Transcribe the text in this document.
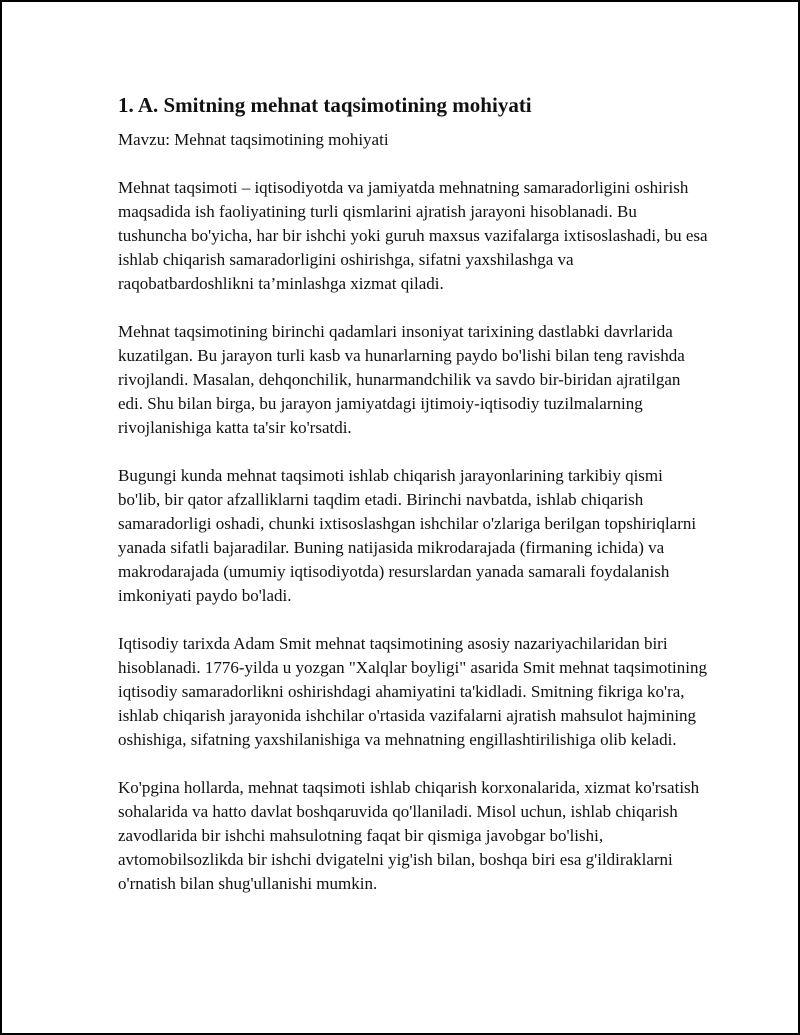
1. A. Smitning mehnat taqsimotining mohiyati

Mavzu: Mehnat taqsimotining mohiyati

Mehnat taqsimoti – iqtisodiyotda va jamiyatda mehnatning samaradorligini oshirish maqsadida ish faoliyatining turli qismlarini ajratish jarayoni hisoblanadi. Bu tushuncha bo'yicha, har bir ishchi yoki guruh maxsus vazifalarga ixtisoslashadi, bu esa ishlab chiqarish samaradorligini oshirishga, sifatni yaxshilashga va raqobatbardoshlikni ta’minlashga xizmat qiladi.

Mehnat taqsimotining birinchi qadamlari insoniyat tarixining dastlabki davrlarida kuzatilgan. Bu jarayon turli kasb va hunarlarning paydo bo'lishi bilan teng ravishda rivojlandi. Masalan, dehqonchilik, hunarmandchilik va savdo bir-biridan ajratilgan edi. Shu bilan birga, bu jarayon jamiyatdagi ijtimoiy-iqtisodiy tuzilmalarning rivojlanishiga katta ta'sir ko'rsatdi.

Bugungi kunda mehnat taqsimoti ishlab chiqarish jarayonlarining tarkibiy qismi bo'lib, bir qator afzalliklarni taqdim etadi. Birinchi navbatda, ishlab chiqarish samaradorligi oshadi, chunki ixtisoslashgan ishchilar o'zlariga berilgan topshiriqlarni yanada sifatli bajaradilar. Buning natijasida mikrodarajada (firmaning ichida) va makrodarajada (umumiy iqtisodiyotda) resurslardan yanada samarali foydalanish imkoniyati paydo bo'ladi.

Iqtisodiy tarixda Adam Smit mehnat taqsimotining asosiy nazariyachilaridan biri hisoblanadi. 1776-yilda u yozgan "Xalqlar boyligi" asarida Smit mehnat taqsimotining iqtisodiy samaradorlikni oshirishdagi ahamiyatini ta'kidladi. Smitning fikriga ko'ra, ishlab chiqarish jarayonida ishchilar o'rtasida vazifalarni ajratish mahsulot hajmining oshishiga, sifatning yaxshilanishiga va mehnatning engillashtirilishiga olib keladi.

Ko'pgina hollarda, mehnat taqsimoti ishlab chiqarish korxonalarida, xizmat ko'rsatish sohalarida va hatto davlat boshqaruvida qo'llaniladi. Misol uchun, ishlab chiqarish zavodlarida bir ishchi mahsulotning faqat bir qismiga javobgar bo'lishi, avtomobilsozlikda bir ishchi dvigatelni yig'ish bilan, boshqa biri esa g'ildiraklarni o'rnatish bilan shug'ullanishi mumkin.
